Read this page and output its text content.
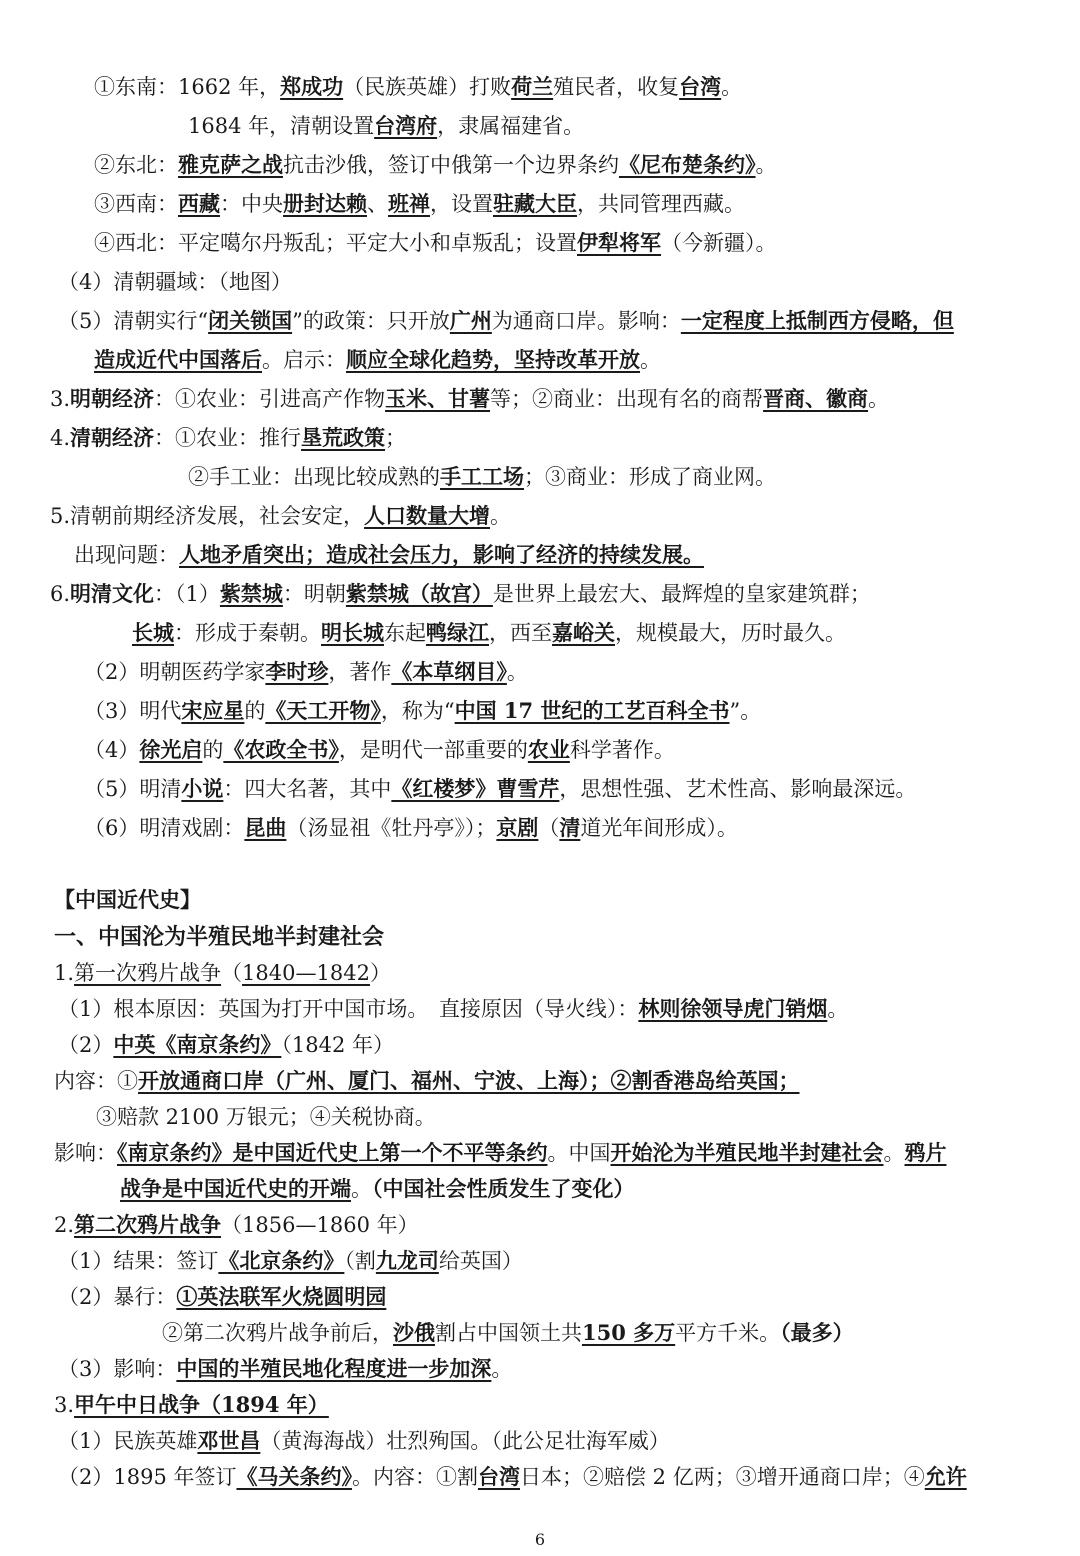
①东南：1662 年，郑成功（民族英雄）打败荷兰殖民者，收复台湾。
1684 年，清朝设置台湾府，隶属福建省。
②东北：雅克萨之战抗击沙俄，签订中俄第一个边界条约《尼布楚条约》。
③西南：西藏：中央册封达赖、班禅，设置驻藏大臣，共同管理西藏。
④西北：平定噶尔丹叛乱；平定大小和卓叛乱；设置伊犁将军（今新疆）。
（4）清朝疆域：（地图）
（5）清朝实行“闭关锁国”的政策：只开放广州为通商口岸。影响：一定程度上抵制西方侵略，但
造成近代中国落后。启示：顺应全球化趋势，坚持改革开放。
3.明朝经济：①农业：引进高产作物玉米、甘薯等；②商业：出现有名的商帮晋商、徽商。
4.清朝经济：①农业：推行垦荒政策；
②手工业：出现比较成熟的手工工场；③商业：形成了商业网。
5.清朝前期经济发展，社会安定，人口数量大增。
出现问题：人地矛盾突出；造成社会压力，影响了经济的持续发展。
6.明清文化：（1）紫禁城：明朝紫禁城（故宫）是世界上最宏大、最辉煌的皇家建筑群；
长城：形成于秦朝。明长城东起鸭绿江，西至嘉峪关，规模最大，历时最久。
（2）明朝医药学家李时珍，著作《本草纲目》。
（3）明代宋应星的《天工开物》，称为“中国 17 世纪的工艺百科全书”。
（4）徐光启的《农政全书》，是明代一部重要的农业科学著作。
（5）明清小说：四大名著，其中《红楼梦》曹雪芹，思想性强、艺术性高、影响最深远。
（6）明清戏剧：昆曲（汤显祖《牡丹亭》）；京剧（清道光年间形成）。
【中国近代史】
一、中国沦为半殖民地半封建社会
1.第一次鸦片战争（1840—1842）
（1）根本原因：英国为打开中国市场。　直接原因（导火线）：林则徐领导虎门销烟。
（2）中英《南京条约》（1842 年）
内容：①开放通商口岸（广州、厦门、福州、宁波、上海）；②割香港岛给英国；
③赔款 2100 万银元；④关税协商。
影响：《南京条约》是中国近代史上第一个不平等条约。中国开始沦为半殖民地半封建社会。鸦片
战争是中国近代史的开端。（中国社会性质发生了变化）
2.第二次鸦片战争（1856—1860 年）
（1）结果：签订《北京条约》（割九龙司给英国）
（2）暴行：①英法联军火烧圆明园
②第二次鸦片战争前后，沙俄割占中国领土共150 多万平方千米。（最多）
（3）影响：中国的半殖民地化程度进一步加深。
3.甲午中日战争（1894 年）
（1）民族英雄邓世昌（黄海海战）壮烈殉国。（此公足壮海军威）
（2）1895 年签订《马关条约》。内容：①割台湾日本；②赔偿 2 亿两；③增开通商口岸；④允许
6
